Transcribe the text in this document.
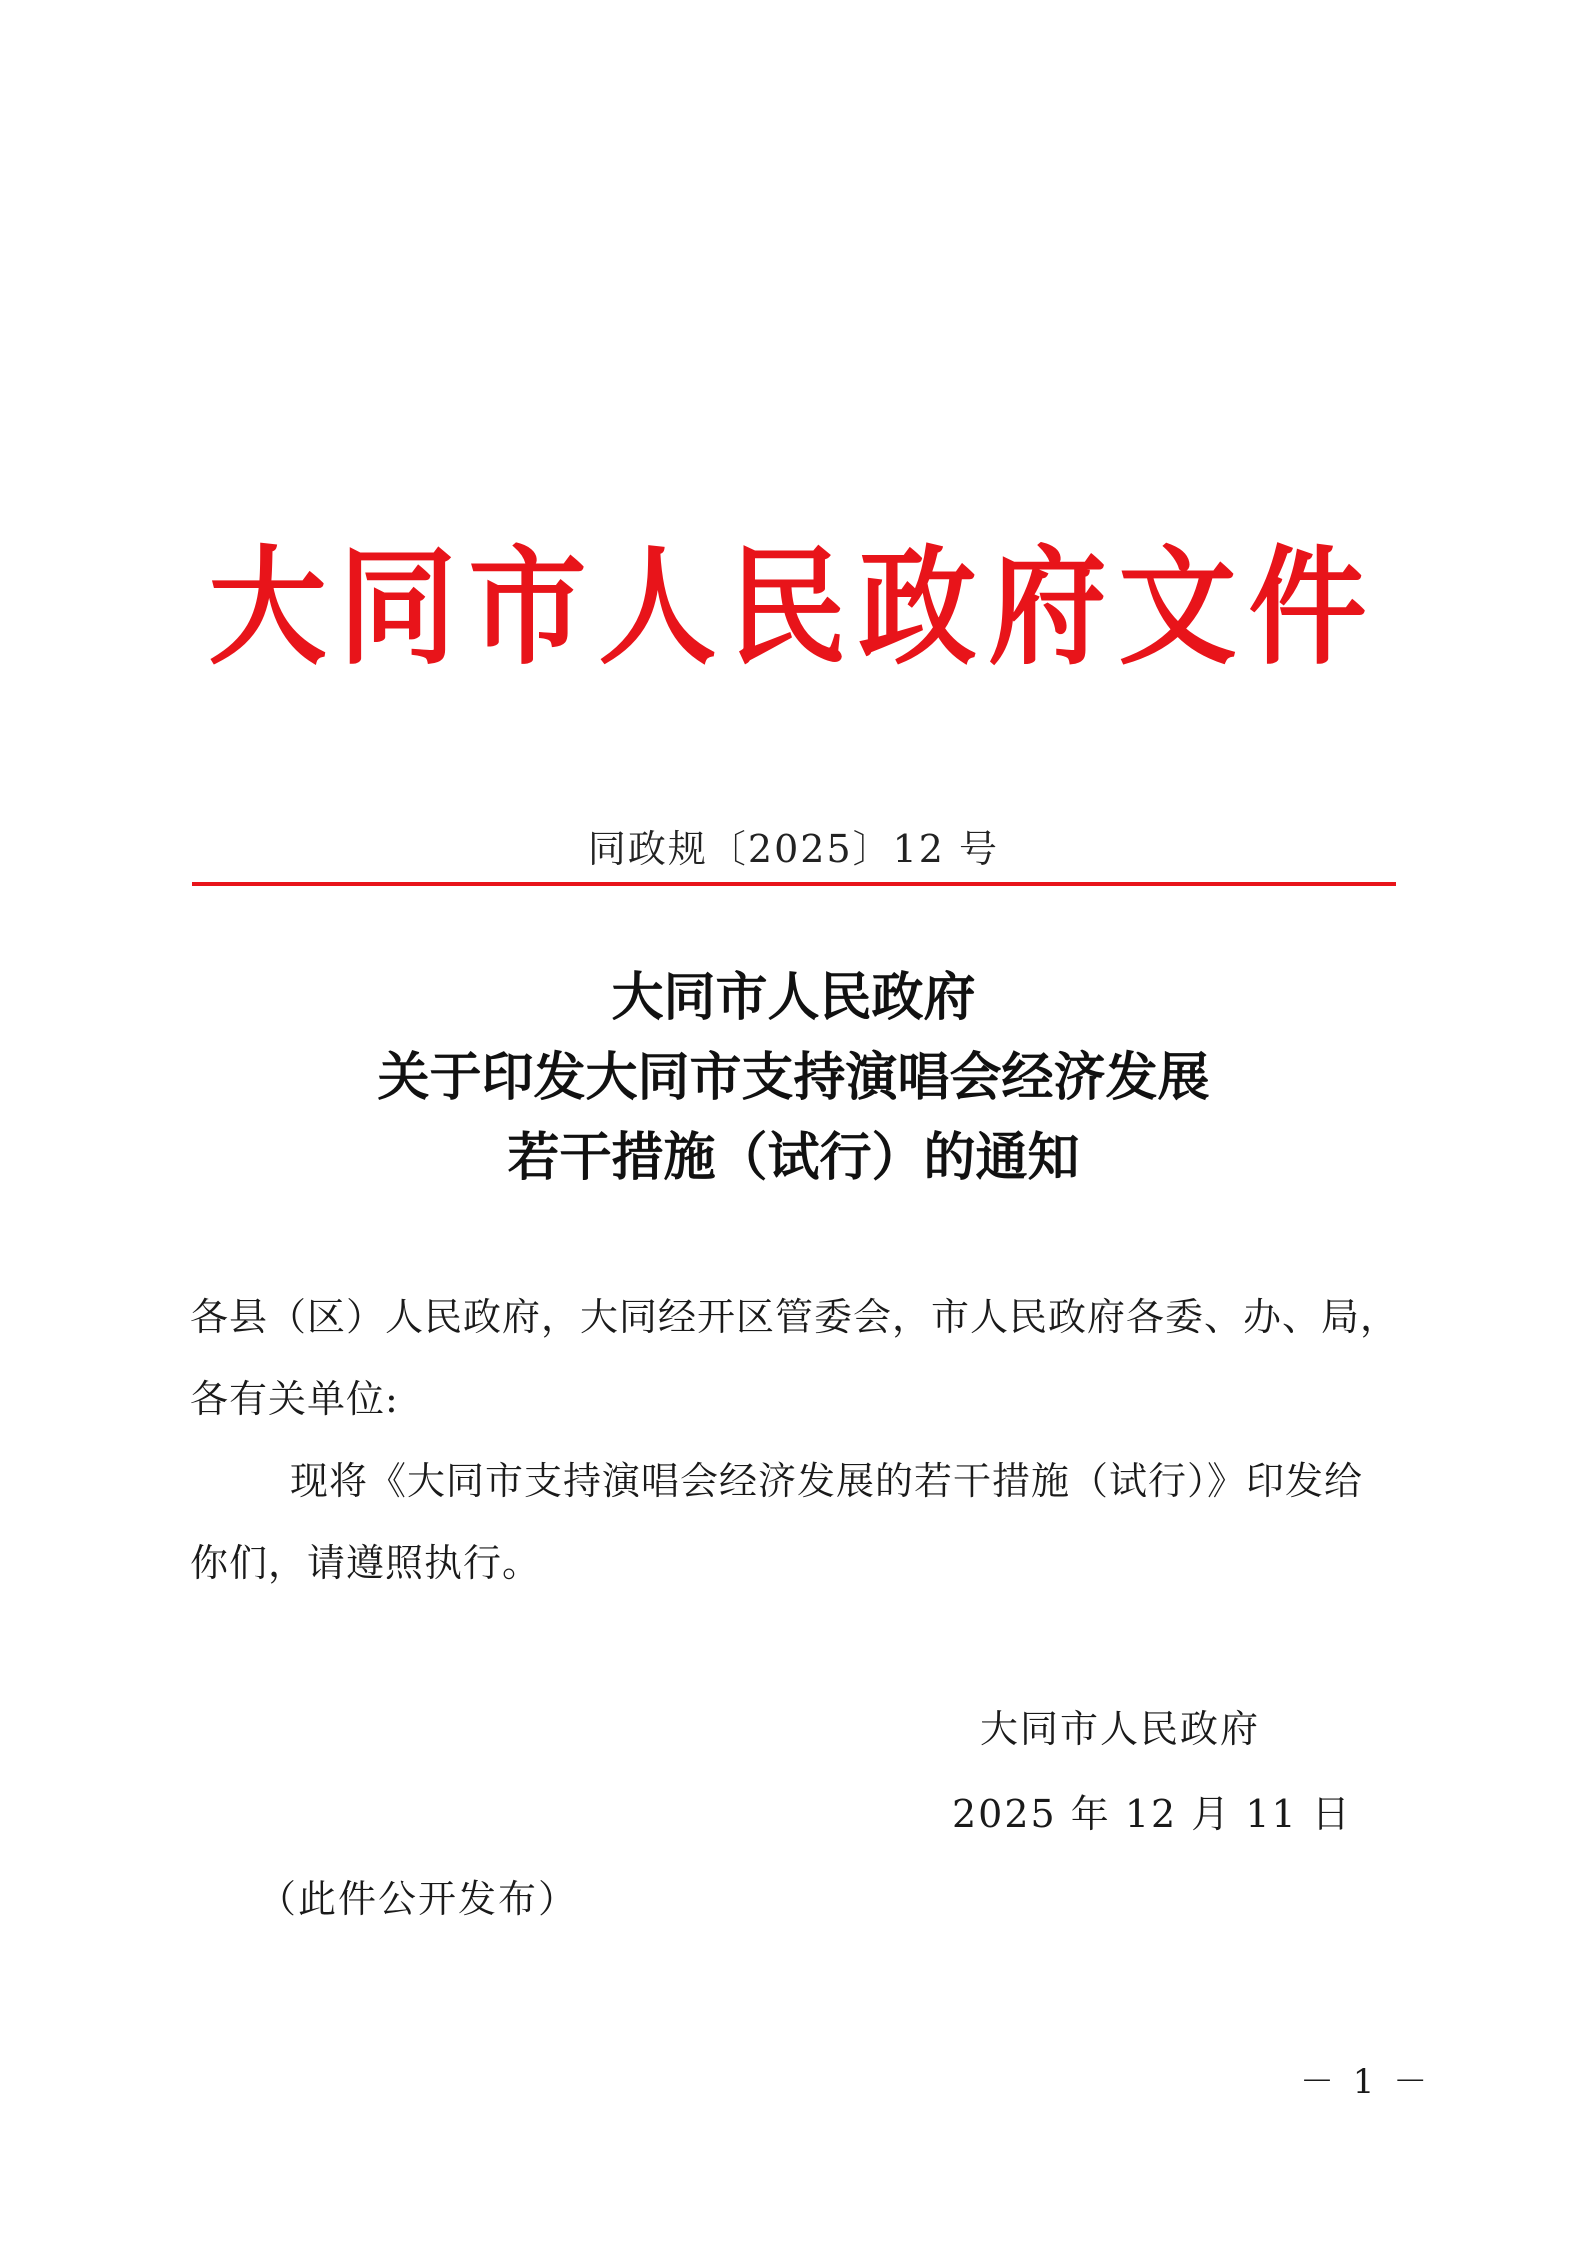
大同市人民政府文件
同政规〔2025〕12 号
大同市人民政府
关于印发大同市支持演唱会经济发展
若干措施（试行）的通知
各县（区）人民政府，大同经开区管委会，市人民政府各委、办、局，各有关单位:
现将《大同市支持演唱会经济发展的若干措施（试行）》印发给你们，请遵照执行。
大同市人民政府
2025 年 12 月 11 日
（此件公开发布）
－ 1 －
